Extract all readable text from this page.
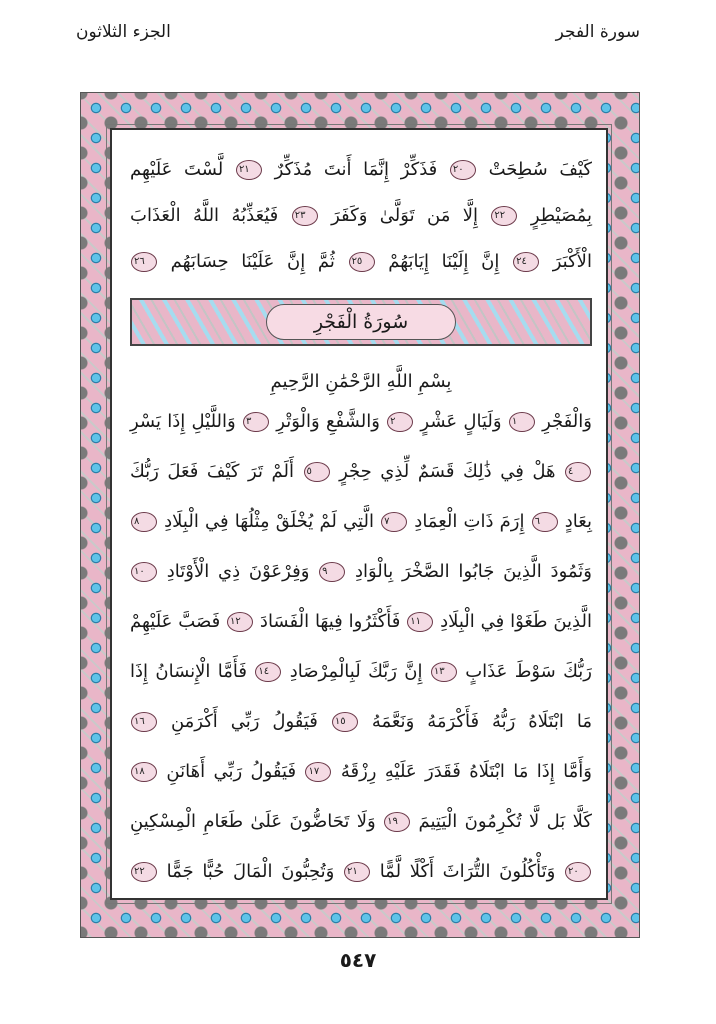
سورة الفجر
الجزء الثلاثون
كَيْفَ سُطِحَتْ ٢٠ فَذَكِّرْ إِنَّمَا أَنتَ مُذَكِّرٌ ٢١ لَّسْتَ عَلَيْهِم
بِمُصَيْطِرٍ ٢٢ إِلَّا مَن تَوَلَّىٰ وَكَفَرَ ٢٣ فَيُعَذِّبُهُ اللَّهُ الْعَذَابَ
الْأَكْبَرَ ٢٤ إِنَّ إِلَيْنَا إِيَابَهُمْ ٢٥ ثُمَّ إِنَّ عَلَيْنَا حِسَابَهُم ٢٦
سُورَةُ الْفَجْرِ
بِسْمِ اللَّهِ الرَّحْمَٰنِ الرَّحِيمِ
وَالْفَجْرِ ١ وَلَيَالٍ عَشْرٍ ٢ وَالشَّفْعِ وَالْوَتْرِ ٣ وَاللَّيْلِ إِذَا يَسْرِ
٤ هَلْ فِي ذَٰلِكَ قَسَمٌ لِّذِي حِجْرٍ ٥ أَلَمْ تَرَ كَيْفَ فَعَلَ رَبُّكَ
بِعَادٍ ٦ إِرَمَ ذَاتِ الْعِمَادِ ٧ الَّتِي لَمْ يُخْلَقْ مِثْلُهَا فِي الْبِلَادِ ٨
وَثَمُودَ الَّذِينَ جَابُوا الصَّخْرَ بِالْوَادِ ٩ وَفِرْعَوْنَ ذِي الْأَوْتَادِ ١٠
الَّذِينَ طَغَوْا فِي الْبِلَادِ ١١ فَأَكْثَرُوا فِيهَا الْفَسَادَ ١٢ فَصَبَّ عَلَيْهِمْ
رَبُّكَ سَوْطَ عَذَابٍ ١٣ إِنَّ رَبَّكَ لَبِالْمِرْصَادِ ١٤ فَأَمَّا الْإِنسَانُ إِذَا
مَا ابْتَلَاهُ رَبُّهُ فَأَكْرَمَهُ وَنَعَّمَهُ ١٥ فَيَقُولُ رَبِّي أَكْرَمَنِ ١٦
وَأَمَّا إِذَا مَا ابْتَلَاهُ فَقَدَرَ عَلَيْهِ رِزْقَهُ ١٧ فَيَقُولُ رَبِّي أَهَانَنِ ١٨
كَلَّا بَل لَّا تُكْرِمُونَ الْيَتِيمَ ١٩ وَلَا تَحَاضُّونَ عَلَىٰ طَعَامِ الْمِسْكِينِ
٢٠ وَتَأْكُلُونَ التُّرَاثَ أَكْلًا لَّمًّا ٢١ وَتُحِبُّونَ الْمَالَ حُبًّا جَمًّا ٢٢
٥٤٧
